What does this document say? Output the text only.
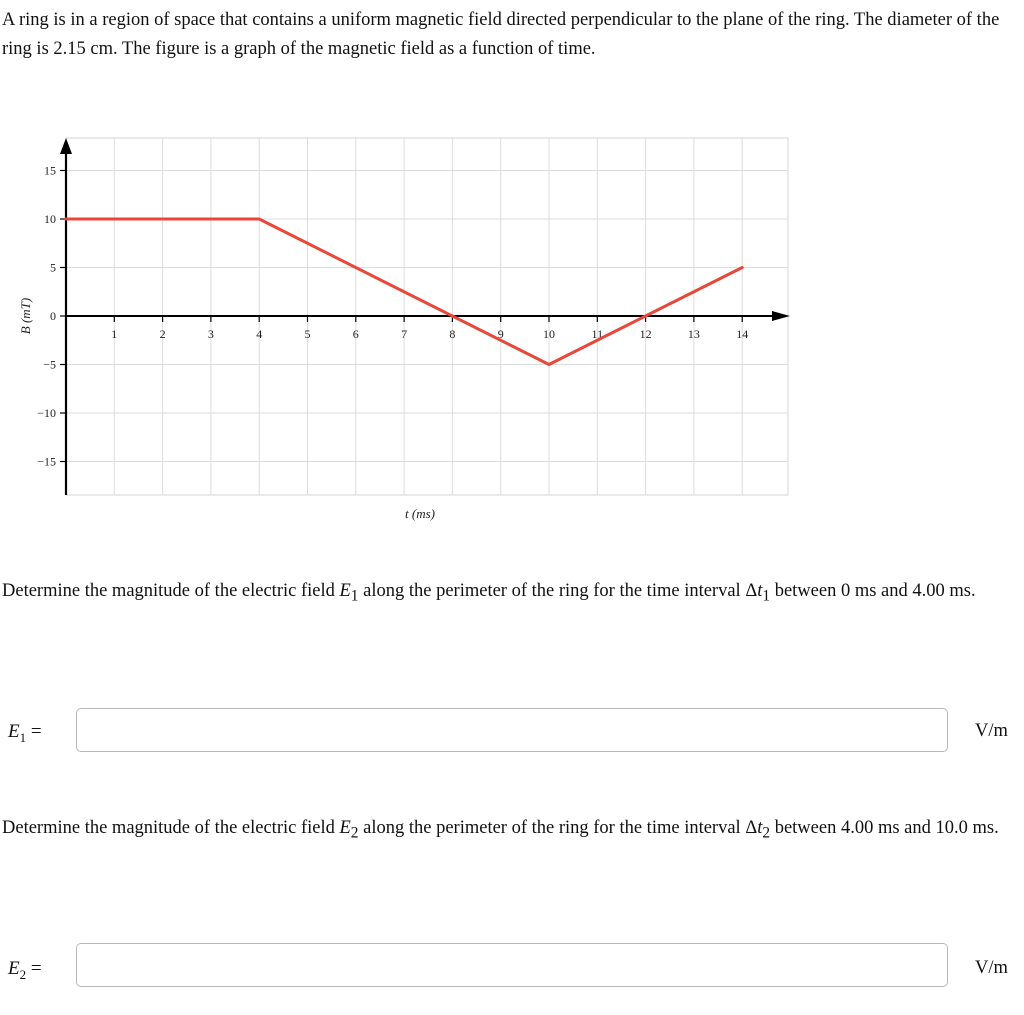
A ring is in a region of space that contains a uniform magnetic field directed perpendicular to the plane of the ring. The diameter of the ring is 2.15 cm. The figure is a graph of the magnetic field as a function of time.

15
10
5
0
−5
−10
−15
1	2	3	4	5	6	7	8	9	10	11	12	13	14
t (ms)
B (mT)

Determine the magnitude of the electric field $E_1$ along the perimeter of the ring for the time interval $\Delta t_1$ between 0 ms and 4.00 ms.

$E_1$ =	V/m

Determine the magnitude of the electric field $E_2$ along the perimeter of the ring for the time interval $\Delta t_2$ between 4.00 ms and 10.0 ms.

$E_2$ =	V/m
